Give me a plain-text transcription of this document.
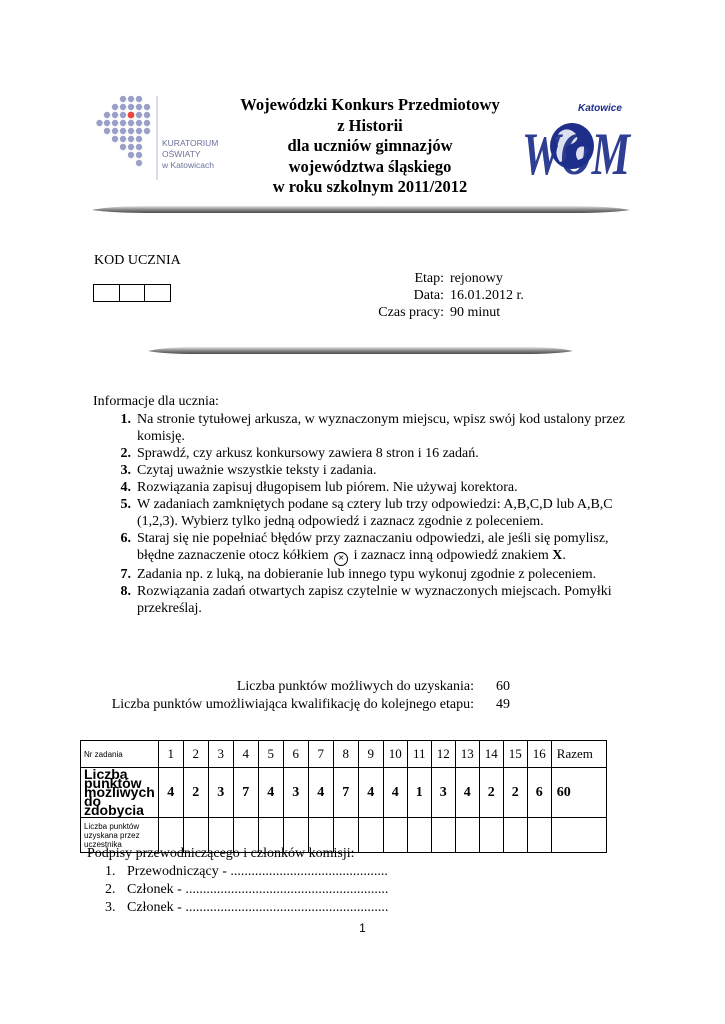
KURATORIUM
OŚWIATY
w Katowicach
Wojewódzki Konkurs Przedmiotowy
z Historii
dla uczniów gimnazjów
województwa śląskiego
w roku szkolnym 2011/2012
Katowice
WOM
KOD UCZNIA
Etap: rejonowy
Data: 16.01.2012 r.
Czas pracy: 90 minut
Informacje dla ucznia:
1. Na stronie tytułowej arkusza, w wyznaczonym miejscu, wpisz swój kod ustalony przez komisję.
2. Sprawdź, czy arkusz konkursowy zawiera 8 stron i 16 zadań.
3. Czytaj uważnie wszystkie teksty i zadania.
4. Rozwiązania zapisuj długopisem lub piórem. Nie używaj korektora.
5. W zadaniach zamkniętych podane są cztery lub trzy odpowiedzi: A,B,C,D lub A,B,C (1,2,3). Wybierz tylko jedną odpowiedź i zaznacz zgodnie z poleceniem.
6. Staraj się nie popełniać błędów przy zaznaczaniu odpowiedzi, ale jeśli się pomylisz, błędne zaznaczenie otocz kółkiem × i zaznacz inną odpowiedź znakiem X.
7. Zadania np. z luką, na dobieranie lub innego typu wykonuj zgodnie z poleceniem.
8. Rozwiązania zadań otwartych zapisz czytelnie w wyznaczonych miejscach. Pomyłki przekreślaj.
Liczba punktów możliwych do uzyskania:	60
Liczba punktów umożliwiająca kwalifikację do kolejnego etapu:	49
Nr zadania	1	2	3	4	5	6	7	8	9	10	11	12	13	14	15	16	Razem
Liczba punktów możliwych do zdobycia	4	2	3	7	4	3	4	7	4	4	1	3	4	2	2	6	60
Liczba punktów uzyskana przez uczestnika																	
Podpisy przewodniczącego i członków komisji:
1. Przewodniczący - .............................................
2. Członek - ..........................................................
3. Członek - ..........................................................
1
